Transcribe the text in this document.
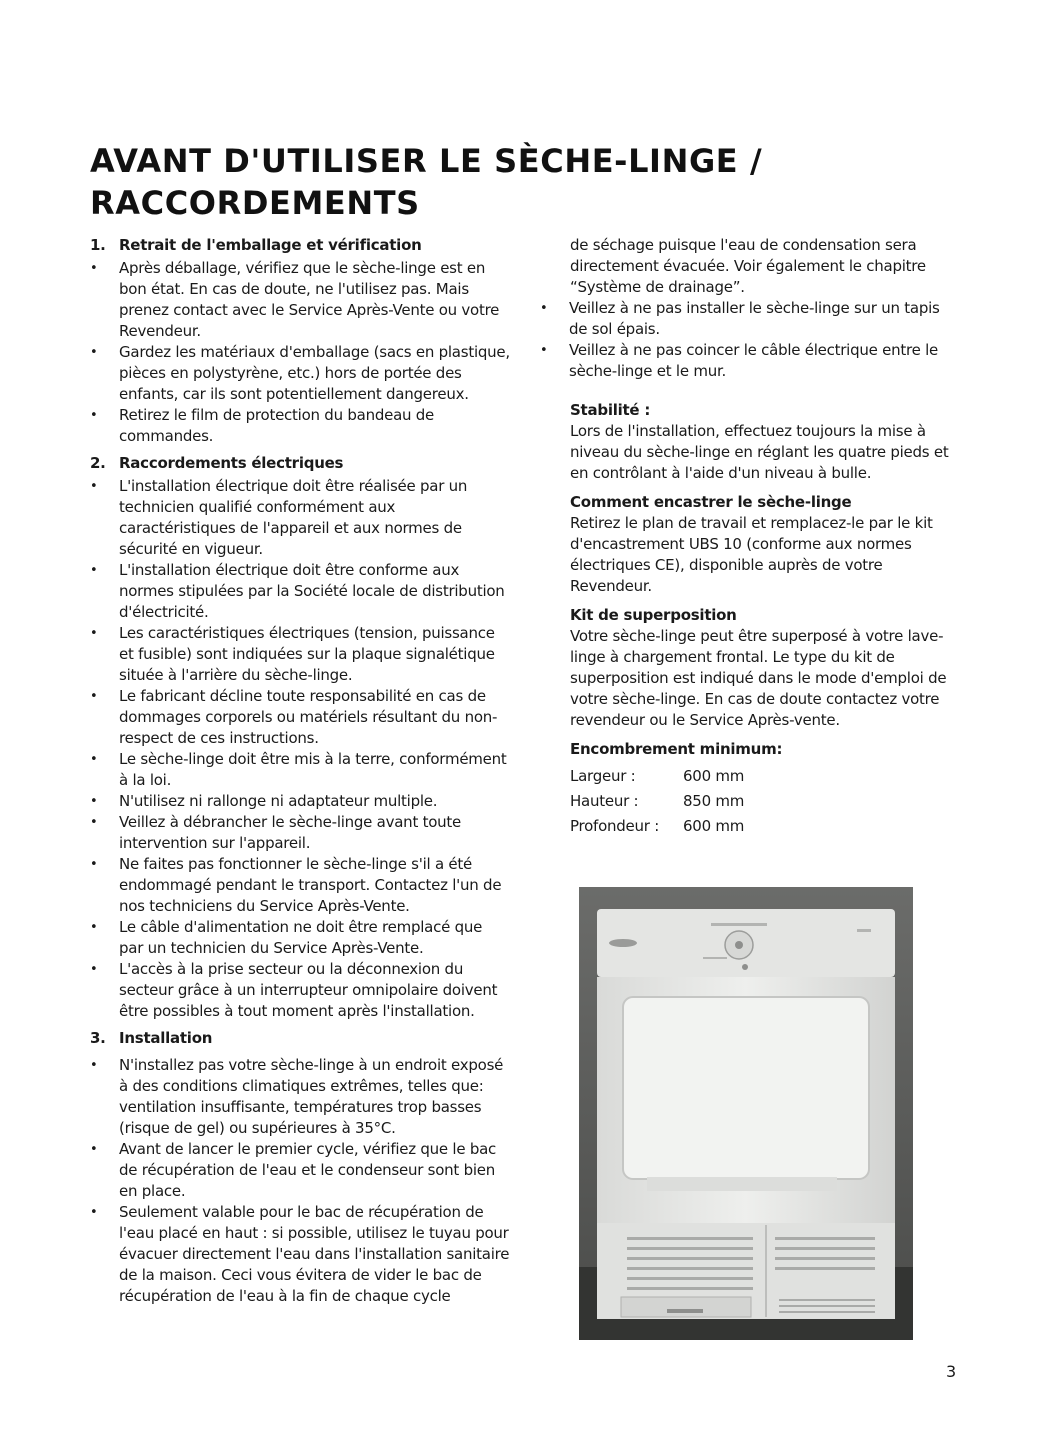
AVANT D'UTILISER LE SÈCHE-LINGE /
RACCORDEMENTS
1. Retrait de l'emballage et vérification
•	Après déballage, vérifiez que le sèche-linge est en bon état. En cas de doute, ne l'utilisez pas. Mais prenez contact avec le Service Après-Vente ou votre Revendeur.
•	Gardez les matériaux d'emballage (sacs en plastique, pièces en polystyrène, etc.) hors de portée des enfants, car ils sont potentiellement dangereux.
•	Retirez le film de protection du bandeau de commandes.
2. Raccordements électriques
•	L'installation électrique doit être réalisée par un technicien qualifié conformément aux caractéristiques de l'appareil et aux normes de sécurité en vigueur.
•	L'installation électrique doit être conforme aux normes stipulées par la Société locale de distribution d'électricité.
•	Les caractéristiques électriques (tension, puissance et fusible) sont indiquées sur la plaque signalétique située à l'arrière du sèche-linge.
•	Le fabricant décline toute responsabilité en cas de dommages corporels ou matériels résultant du non-respect de ces instructions.
•	Le sèche-linge doit être mis à la terre, conformément à la loi.
•	N'utilisez ni rallonge ni adaptateur multiple.
•	Veillez à débrancher le sèche-linge avant toute intervention sur l'appareil.
•	Ne faites pas fonctionner le sèche-linge s'il a été endommagé pendant le transport. Contactez l'un de nos techniciens du Service Après-Vente.
•	Le câble d'alimentation ne doit être remplacé que par un technicien du Service Après-Vente.
•	L'accès à la prise secteur ou la déconnexion du secteur grâce à un interrupteur omnipolaire doivent être possibles à tout moment après l'installation.
3. Installation
•	N'installez pas votre sèche-linge à un endroit exposé à des conditions climatiques extrêmes, telles que: ventilation insuffisante, températures trop basses (risque de gel) ou supérieures à 35°C.
•	Avant de lancer le premier cycle, vérifiez que le bac de récupération de l'eau et le condenseur sont bien en place.
•	Seulement valable pour le bac de récupération de l'eau placé en haut : si possible, utilisez le tuyau pour évacuer directement l'eau dans l'installation sanitaire de la maison. Ceci vous évitera de vider le bac de récupération de l'eau à la fin de chaque cycle
de séchage puisque l'eau de condensation sera directement évacuée. Voir également le chapitre “Système de drainage”.
•	Veillez à ne pas installer le sèche-linge sur un tapis de sol épais.
•	Veillez à ne pas coincer le câble électrique entre le sèche-linge et le mur.
Stabilité :
Lors de l'installation, effectuez toujours la mise à niveau du sèche-linge en réglant les quatre pieds et en contrôlant à l'aide d'un niveau à bulle.
Comment encastrer le sèche-linge
Retirez le plan de travail et remplacez-le par le kit d'encastrement UBS 10 (conforme aux normes électriques CE), disponible auprès de votre Revendeur.
Kit de superposition
Votre sèche-linge peut être superposé à votre lave-linge à chargement frontal. Le type du kit de superposition est indiqué dans le mode d'emploi de votre sèche-linge. En cas de doute contactez votre revendeur ou le Service Après-vente.
Encombrement minimum:
Largeur :	600 mm
Hauteur :	850 mm
Profondeur :	600 mm
3
